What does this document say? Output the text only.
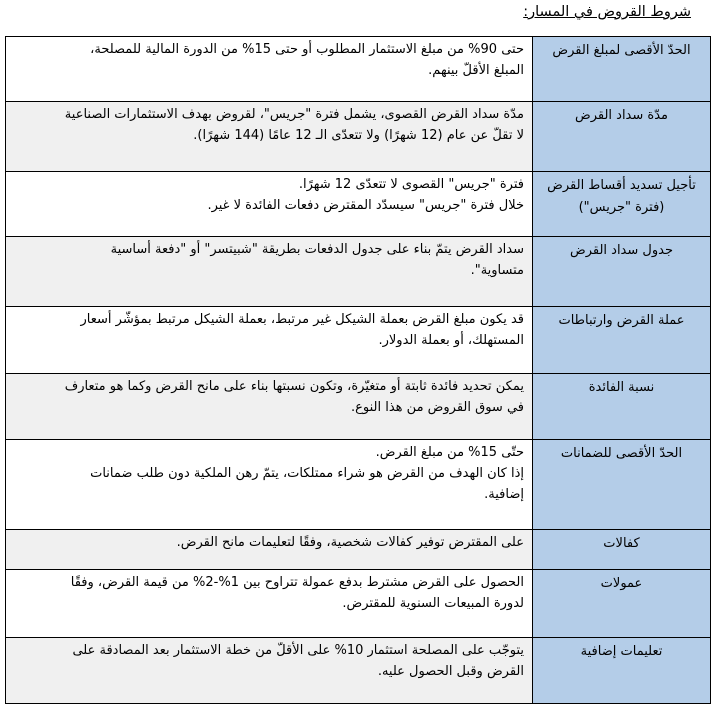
شروط القروض في المسار:
الحدّ الأقصى لمبلغ القرض	حتى 90% من مبلغ الاستثمار المطلوب أو حتى 15% من الدورة المالية للمصلحة،
المبلغ الأقلّ بينهم.

مدّة سداد القرض	مدّة سداد القرض القصوى، يشمل فترة "جريس"، لقروض بهدف الاستثمارات الصناعية
لا تقلّ عن عام (12 شهرًا) ولا تتعدّى الـ 12 عامًا (144 شهرًا).

تأجيل تسديد أقساط القرض
(فترة "جريس")	فترة "جريس" القصوى لا تتعدّى 12 شهرًا.
خلال فترة "جريس" سيسدّد المقترض دفعات الفائدة لا غير.

جدول سداد القرض	سداد القرض يتمّ بناء على جدول الدفعات بطريقة "شبيتسر" أو "دفعة أساسية
متساوية".

عملة القرض وارتباطات	قد يكون مبلغ القرض بعملة الشيكل غير مرتبط، بعملة الشيكل مرتبط بمؤشّر أسعار
المستهلك، أو بعملة الدولار.

نسبة الفائدة	يمكن تحديد فائدة ثابتة أو متغيّرة، وتكون نسبتها بناء على مانح القرض وكما هو متعارف
في سوق القروض من هذا النوع.

الحدّ الأقصى للضمانات	حتّى 15% من مبلغ القرض.
إذا كان الهدف من القرض هو شراء ممتلكات، يتمّ رهن الملكية دون طلب ضمانات
إضافية.

كفالات	على المقترض توفير كفالات شخصية، وفقًا لتعليمات مانح القرض.

عمولات	الحصول على القرض مشترط بدفع عمولة تتراوح بين 1%-2% من قيمة القرض، وفقًا
لدورة المبيعات السنوية للمقترض.

تعليمات إضافية	يتوجّب على المصلحة استثمار 10% على الأقلّ من خطة الاستثمار بعد المصادقة على
القرض وقبل الحصول عليه.
